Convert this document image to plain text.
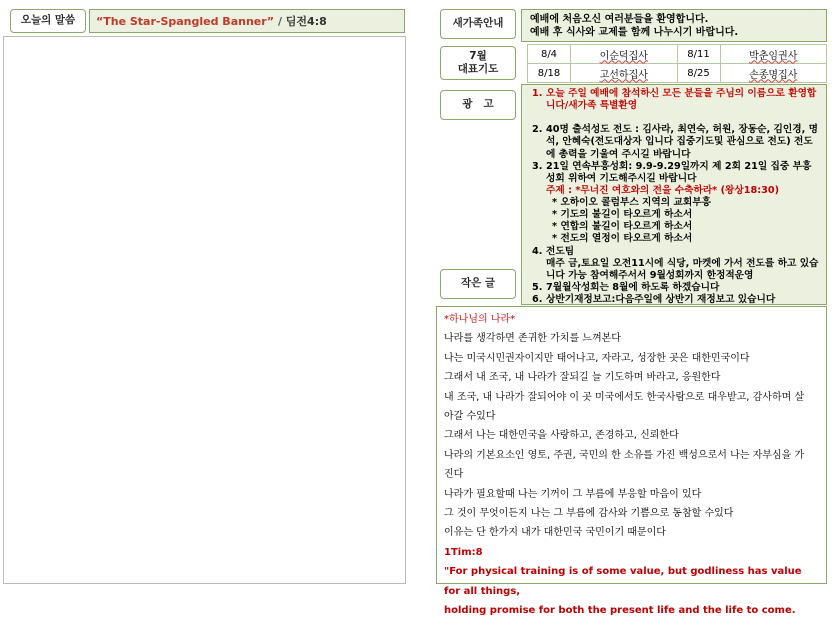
오늘의 말씀	“The Star-Spangled Banner” / 딤전4:8	새가족안내
7월
대표기도
광   고
작은 글
예배에 처음오신 여러분들을 환영합니다.
예배 후 식사와 교제를 함께 나누시기 바랍니다.
8/4	이순덕집사	8/11	박춘임권사
8/18	고선하집사	8/25	손종명집사
1. 오늘 주일 예배에 참석하신 모든 분들을 주님의 이름으로 환영합니다/새가족 특별환영
2. 40명 출석성도 전도 : 김사라, 최연숙, 허원, 장동순, 김인경, 명석, 안혜숙(전도대상자 입니다 집중기도및 관심으로 전도) 전도에 총력을 기울여 주시길 바랍니다
3. 21일 연속부흥성회: 9.9-9.29일까지 제 2회 21일 집중 부흥성회 위하여 기도해주시길 바랍니다
주제 : *무너진 여호와의 전을 수축하라* (왕상18:30)
* 오하이오 콜럼부스 지역의 교회부흥
* 기도의 불길이 타오르게 하소서
* 연합의 불길이 타오르게 하소서
* 전도의 열정이 타오르게 하소서
4. 전도팀
매주 금,토요일 오전11시에 식당, 마켓에 가서 전도를 하고 있습니다 가능 참여해주서서 9월성회까지 한정적운영
5. 7월월삭성회는 8월에 하도록 하겠습니다
6. 상반기재정보고:다음주일에 상반기 재정보고 있습니다
*하나님의 나라*
나라를 생각하면 존귀한 가치를 느껴본다
나는 미국시민권자이지만 태어나고, 자라고, 성장한 곳은 대한민국이다
그래서 내 조국, 내 나라가 잘되길 늘 기도하며 바라고, 응원한다
내 조국, 내 나라가 잘되어야 이 곳 미국에서도 한국사람으로 대우받고, 감사하며 살
아갈 수있다
그래서 나는 대한민국을 사랑하고, 존경하고, 신뢰한다
나라의 기본요소인 영토, 주권, 국민의 한 소유를 가진 백성으로서 나는 자부심을 가
진다
나라가 필요할때 나는 기꺼이 그 부름에 부응할 마음이 있다
그 것이 무엇이든지 나는 그 부름에 감사와 기쁨으로 동참할 수있다
이유는 단 한가지 내가 대한민국 국민이기 때문이다
1Tim:8
"For physical training is of some value, but godliness has value for all things,
holding promise for both the present life and the life to come.
